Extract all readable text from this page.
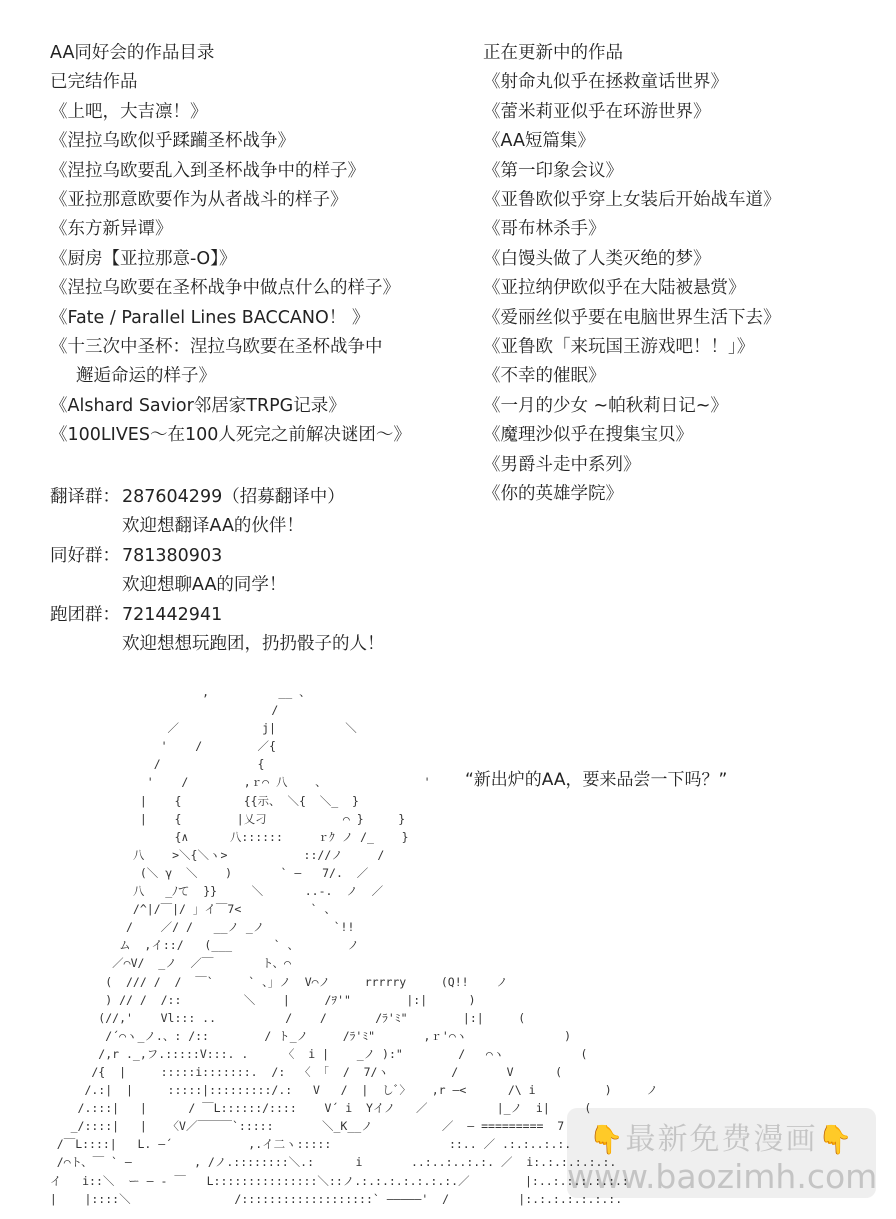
AA同好会的作品目录
已完结作品
《上吧，大吉凛！》
《涅拉乌欧似乎蹂躏圣杯战争》
《涅拉乌欧要乱入到圣杯战争中的样子》
《亚拉那意欧要作为从者战斗的样子》
《东方新异谭》
《厨房【亚拉那意-O】》
《涅拉乌欧要在圣杯战争中做点什么的样子》
《Fate / Parallel Lines BACCANO！ 》
《十三次中圣杯：涅拉乌欧要在圣杯战争中
邂逅命运的样子》
《Alshard Savior邻居家TRPG记录》
《100LIVES～在100人死完之前解决谜团～》
正在更新中的作品
《射命丸似乎在拯救童话世界》
《蕾米莉亚似乎在环游世界》
《AA短篇集》
《第一印象会议》
《亚鲁欧似乎穿上女装后开始战车道》
《哥布林杀手》
《白馒头做了人类灭绝的梦》
《亚拉纳伊欧似乎在大陆被悬赏》
《爱丽丝似乎要在电脑世界生活下去》
《亚鲁欧「来玩国王游戏吧！！」》
《不幸的催眠》
《一月的少女 ~帕秋莉日记~》
《魔理沙似乎在搜集宝贝》
《男爵斗走中系列》
《你的英雄学院》
翻译群： 287604299（招募翻译中）
欢迎想翻译AA的伙伴！
同好群： 781380903
欢迎想聊AA的同学！
跑团群： 721442941
欢迎想想玩跑团，扔扔骰子的人！
👇最新免费漫画👇
www.baozimh.com
,          __ 、
/
／            j|          ＼
'    /        ／{
/              {
'    /        ,ｒ⌒ 八    、              '
|    {         {{示、 ＼{  ＼_  }
|    {        |乂刁           ⌒ }     }
{∧      八::::::     ｒｸ ノ /_    }
八    >＼{＼ヽ>           :://ノ     /
(＼ γ  ＼    )       ` ―   7/.  ／
八   _ﾉて  }}     ＼      ..-.  ノ  ／
/^|/￣|/ 」イ￣7<          ` 、
/    ／/ /   __ノ _ノ          `!!
ム  ,イ::/   (___      ` 、       ノ
／⌒V/  _ノ  ／￣       ト、⌒
(  /// /  /  ￣`     ` 、」ノ  V⌒ノ     rrrrry     (Q!!    ノ
) // /  /::         ＼    |     /ｦ'"        |:|      )
(//,'    Vl::: ..          /    /       /ﾗ'ﾐ"        |:|     (
/´⌒ヽ_ノ.、: /::        / ト_ノ     /ﾗ'ﾐ"       ,ｒ'⌒ヽ              )
/,r ._,フ.:::::V:::. .     〈  i |    _ノ ):"        /   ⌒ヽ           (
/{  |     :::::i:::::::.  /:  〈 「  /  7/ヽ         /       V      (
/.:|  |     :::::|:::::::::/.:   V   /  |  しﾞ〉   ,r ―<      /\ i          )     ノ
/.:::|   |      / ￣L::::::/::::    V´ i  Yイノ   ／          |_ノ  i|     (
_/::::|   |   〈V／￣￣￣`:::::       ＼_K__ノ          ／  ― =========  7
/￣L::::|   L. ―´           ,.イ二ヽ:::::                 ::.. ／ .:.:..:.:.
/⌒ト、￣ ` ―         , /ノ.::::::::＼.:      i       ..:..:..:.:. ／  i:.:.:.:.:.:.
イ   i::＼  ー ― ‐ ￣   L:::::::::::::::＼::ノ.:.:.:.:.:.:.:.／        |:..:.:.:.:.:.:
|    |::::＼               /:::::::::::::::::::` ―――――'  /          |:.:.:.:.:.:.:.
“新出炉的AA，要来品尝一下吗？”
